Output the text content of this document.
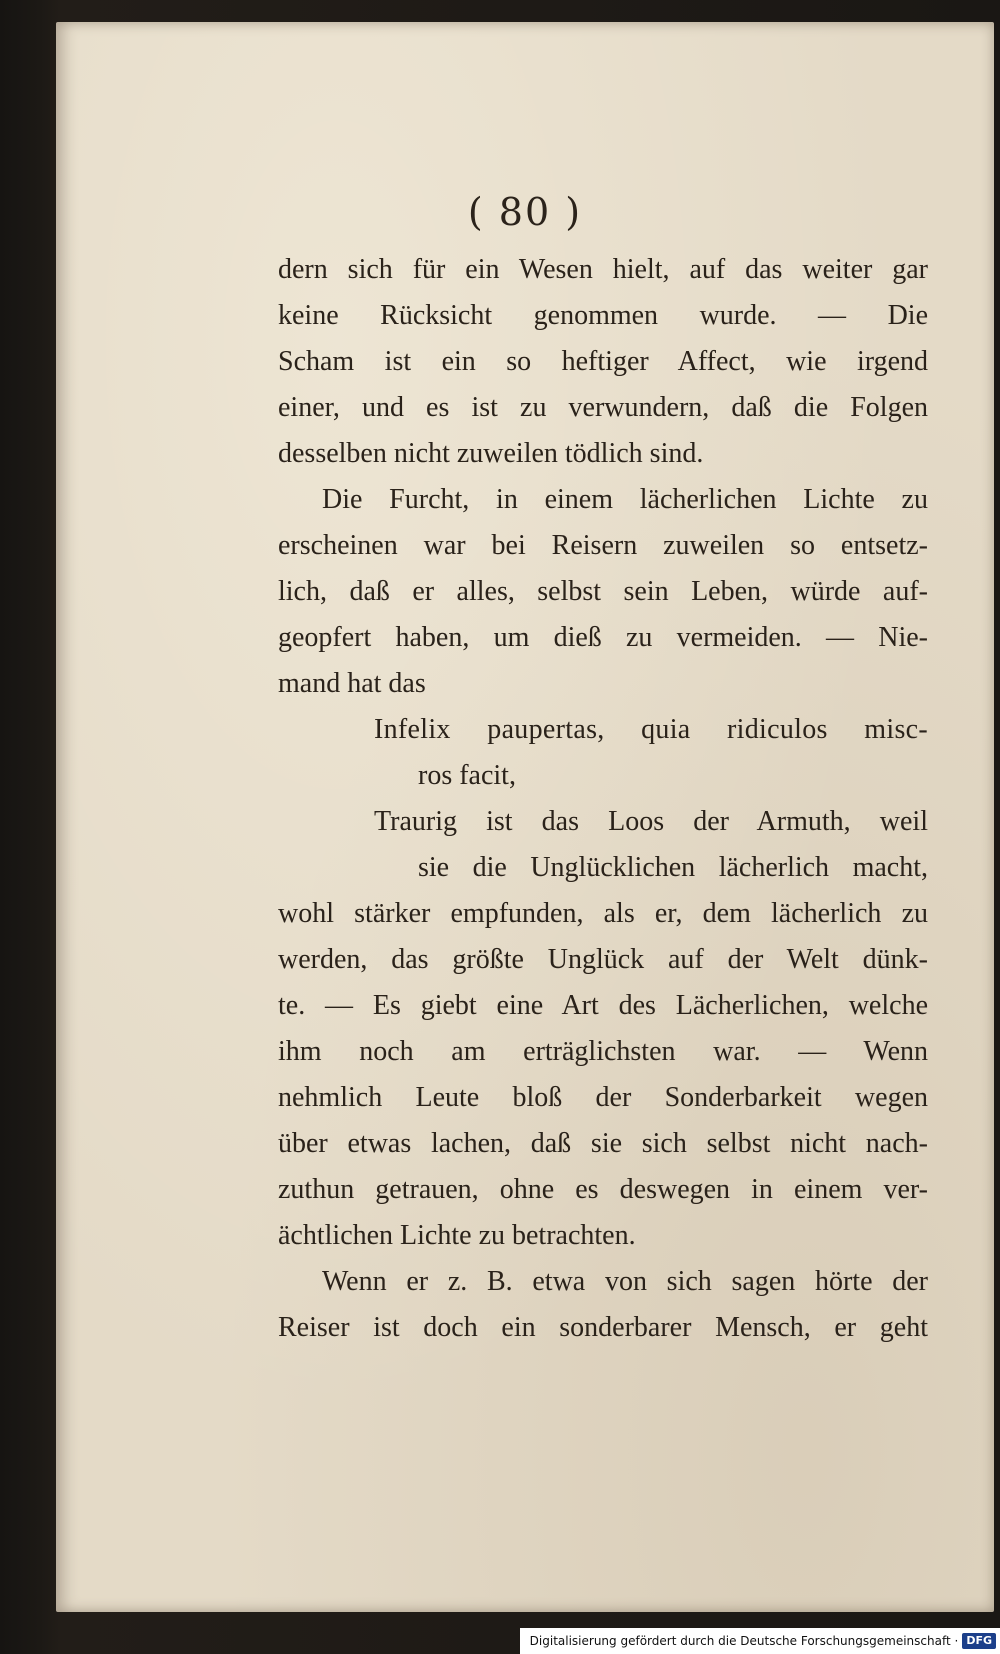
( 80 )
dern sich für ein Wesen hielt, auf das weiter gar
keine Rücksicht genommen wurde. — Die
Scham ist ein so heftiger Affect, wie irgend
einer, und es ist zu verwundern, daß die Folgen
desselben nicht zuweilen tödlich sind.
Die Furcht, in einem lächerlichen Lichte zu
erscheinen war bei Reisern zuweilen so entsetz-
lich, daß er alles, selbst sein Leben, würde auf-
geopfert haben, um dieß zu vermeiden. — Nie-
mand hat das
Infelix paupertas, quia ridiculos misc-
ros facit,
Traurig ist das Loos der Armuth, weil
sie die Unglücklichen lächerlich macht,
wohl stärker empfunden, als er, dem lächerlich zu
werden, das größte Unglück auf der Welt dünk-
te. — Es giebt eine Art des Lächerlichen, welche
ihm noch am erträglichsten war. — Wenn
nehmlich Leute bloß der Sonderbarkeit wegen
über etwas lachen, daß sie sich selbst nicht nach-
zuthun getrauen, ohne es deswegen in einem ver-
ächtlichen Lichte zu betrachten.
Wenn er z. B. etwa von sich sagen hörte der
Reiser ist doch ein sonderbarer Mensch, er geht
Digitalisierung gefördert durch die Deutsche Forschungsgemeinschaft · DFG
